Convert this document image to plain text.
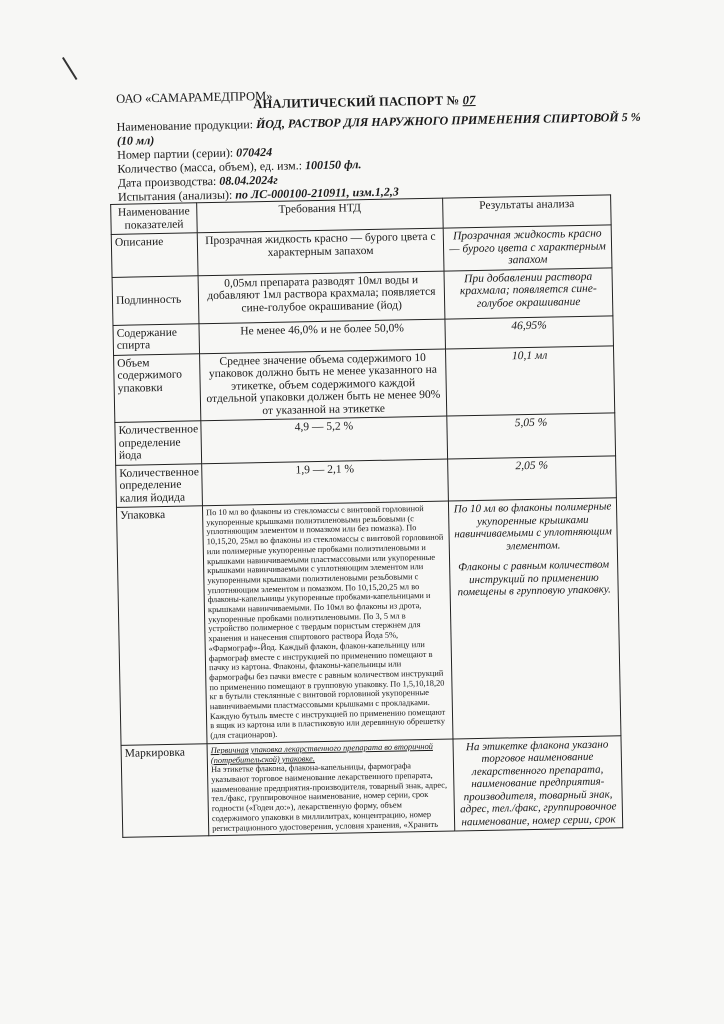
ОАО «САМАРАМЕДПРОМ»
АНАЛИТИЧЕСКИЙ ПАСПОРТ № 07
Наименование продукции: ЙОД, РАСТВОР ДЛЯ НАРУЖНОГО ПРИМЕНЕНИЯ СПИРТОВОЙ 5 %
(10 мл)
Номер партии (серии): 070424
Количество (масса, объем), ед. изм.: 100150 фл.
Дата производства: 08.04.2024г
Испытания (анализы): по ЛС-000100-210911, изм.1,2,3
Наименование показателей	Требования НТД	Результаты анализа
Описание	Прозрачная жидкость красно — бурого цвета с характерным запахом	Прозрачная жидкость красно — бурого цвета с характерным запахом
Подлинность	0,05мл препарата разводят 10мл воды и добавляют 1мл раствора крахмала; появляется сине-голубое окрашивание (йод)	При добавлении раствора крахмала; появляется сине-голубое окрашивание
Содержание спирта	Не менее 46,0% и не более 50,0%	46,95%
Объем содержимого упаковки	Среднее значение объема содержимого 10 упаковок должно быть не менее указанного на этикетке, объем содержимого каждой отдельной упаковки должен быть не менее 90% от указанной на этикетке	10,1 мл
Количественное определение йода	4,9 — 5,2 %	5,05 %
Количественное определение калия йодида	1,9 — 2,1 %	2,05 %
Упаковка	По 10 мл во флаконы из стекломассы с винтовой горловиной укупоренные крышками полиэтиленовыми резьбовыми (с уплотняющим элементом и помазком или без помазка). По 10,15,20, 25мл во флаконы из стекломассы с винтовой горловиной или полимерные укупоренные пробками полиэтиленовыми и крышками навинчиваемыми пластмассовыми или укупоренные крышками навинчиваемыми с уплотняющим элементом или укупоренными крышками полиэтиленовыми резьбовыми с уплотняющим элементом и помазком. По 10,15,20,25 мл во флаконы-капельницы укупоренные пробками-капельницами и крышками навинчиваемыми. По 10мл во флаконы из дрота, укупоренные пробками полиэтиленовыми. По 3, 5 мл в устройство полимерное с твердым пористым стержнем для хранения и нанесения спиртового раствора Йода 5%, «Фармограф»-Йод. Каждый флакон, флакон-капельницу или фармограф вместе с инструкцией по применению помещают в пачку из картона. Флаконы, флаконы-капельницы или фармографы без пачки вместе с равным количеством инструкций по применению помещают в групповую упаковку. По 1,5,10,18,20 кг в бутыли стеклянные с винтовой горловиной укупоренные навинчиваемыми пластмассовыми крышками с прокладками. Каждую бутыль вместе с инструкцией по применению помещают в ящик из картона или в пластиковую или деревянную обрешетку (для стационаров).	По 10 мл во флаконы полимерные укупоренные крышками навинчиваемыми с уплотняющим элементом.
Флаконы с равным количеством инструкций по применению помещены в групповую упаковку.

Маркировка	Первичная упаковка лекарственного препарата во вторичной (потребительской) упаковке.
На этикетке флакона, флакона-капельницы, фармографа указывают торговое наименование лекарственного препарата, наименование предприятия-производителя, товарный знак, адрес, тел./факс, группировочное наименование, номер серии, срок годности («Годен до:»), лекарственную форму, объем содержимого упаковки в миллилитрах, концентрацию, номер регистрационного удостоверения, условия хранения, «Хранить	На этикетке флакона указано торговое наименование лекарственного препарата, наименование предприятия-производителя, товарный знак, адрес, тел./факс, группировочное наименование, номер серии, срок
